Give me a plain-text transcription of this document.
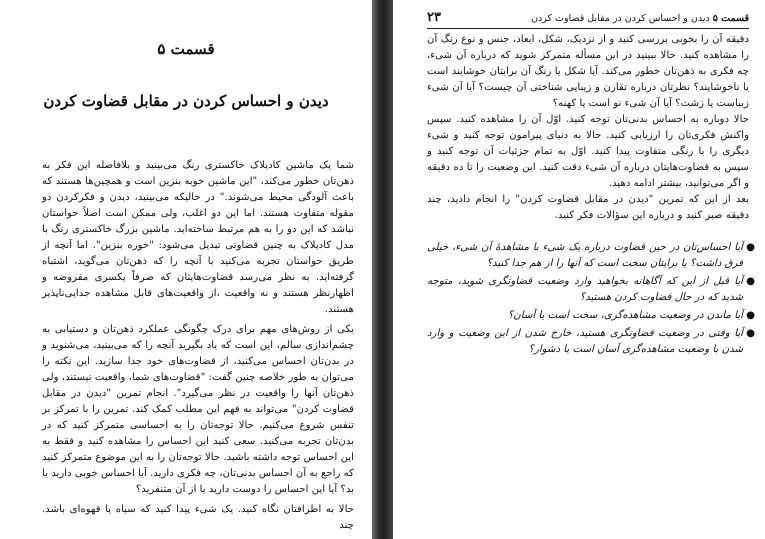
قسمت ۵
دیدن و احساس کردن در مقابل قضاوت کردن

شما یک ماشین کادیلاک خاکستری رنگ می‌بینید و بلافاصله این فکر به ذهن‌تان خطور می‌کند، "این ماشین خوبه بنزین است و همچین‌ها هستند که باعث آلودگی محیط می‌شوند." در حالیکه می‌بینید، دیدن و فکرکردن دو مقوله متفاوت هستند. اما این دو اغلب، ولی ممکن است اصلاً حواستان نباشد که این دو را به هم مرتبط ساخته‌اید. ماشین بزرگ خاکستری رنگ با مدل کادیلاک به چنین قضاوتی تبدیل می‌شود: "خوره بنزین". اما آنچه از طریق حواستان تجربه می‌کنید با آنچه را که ذهن‌تان می‌گوید، اشتباه گرفته‌اید. به نظر می‌رسد قضاوت‌هایتان که صرفاً یکسری مفروضه و اظهارنظر هستند و نه واقعیت ،از واقعیت‌های قابل مشاهده جدایی‌ناپذیر هستند.

یکی از روش‌های مهم برای درک چگونگی عملکرد ذهن‌تان و دستیابی به چشم‌اندازی سالم، این است که یاد بگیرید آنچه را که می‌بینید، می‌شنوید و در بدن‌تان احساس می‌کنید، از قضاوت‌های خود جدا سازید. این نکته را می‌توان به طور خلاصه چنین گفت: "قضاوت‌های شما، واقعیت نیستند، ولی ذهن‌تان آنها را واقعیت در نظر می‌گیرد". انجام تمرین "دیدن در مقابل قضاوت کردن" می‌تواند به فهم این مطلب کمک کند. تمرین را با تمرکز بر تنفس شروع می‌کنیم. حالا توجه‌تان را به احساسی متمرکز کنید که در بدن‌تان تجربه می‌کنید. سعی کنید این احساس را مشاهده کنید و فقط به این احساس توجه داشته باشید. حالا توجه‌تان را به این موضوع متمرکز کنید که راجع به آن احساس بدنی‌تان، چه فکری دارید. آیا احساس خوبی دارید یا بد؟ آیا این احساس را دوست دارید یا از آن متنفرید؟

حالا به اطرافتان نگاه کنید. یک شیء پیدا کنید که سیاه یا قهوه‌ای باشد. چند

قسمت ۵ دیدن و احساس کردن در مقابل قضاوت کردن
۲۳

دقیقه آن را بخوبی بررسی کنید و از نزدیک، شکل، ابعاد، جنس و نوع رنگ آن را مشاهده کنید. حالا ببینید در این مسأله متمرکز شوید که درباره آن شیء، چه فکری به ذهن‌تان خطور می‌کند. آیا شکل یا رنگ آن برایتان خوشایند است یا ناخوشایند؟ نظرتان درباره تقارن و زیبایی شناختی آن چیست؟ آیا آن شیء زیباست یا زشت؟ آیا آن شیء نو است یا کهنه؟

حالا دوباره به احساس بدنی‌تان توجه کنید. اوّل آن را مشاهده کنید. سپس واکنش فکری‌تان را ارزیابی کنید. حالا به دنیای پیرامون توجه کنید و شیء دیگری را با رنگی متفاوت پیدا کنید. اوّل به تمام جزئیات آن توجه کنید و سپس به قضاوت‌هایتان درباره آن شیء دقت کنید. این وضعیت را تا ده دقیقه و اگر می‌توانید، بیشتر ادامه دهید.

بعد از این که تمرین "دیدن در مقابل قضاوت کردن" را انجام دادید، چند دقیقه صبر کنید و درباره این سؤالات فکر کنید.

●
آیا احساس‌تان در حین قضاوت درباره یک شیء با مشاهدهٔ آن شیء، خیلی فرق داشت؟ یا برایتان سخت است که آنها را از هم جدا کنید؟
●
آیا قبل از این که آگاهانه بخواهید وارد وضعیت قضاوتگری شوید، متوجه شدید که در حال قضاوت کردن هستید؟
●
آیا ماندن در وضعیت مشاهده‌گری، سخت است یا آسان؟
●
آیا وقتی در وضعیت قضاوتگری هستید، خارج شدن از این وضعیت و وارد شدن با وضعیت مشاهده‌گری آسان است یا دشوار؟
